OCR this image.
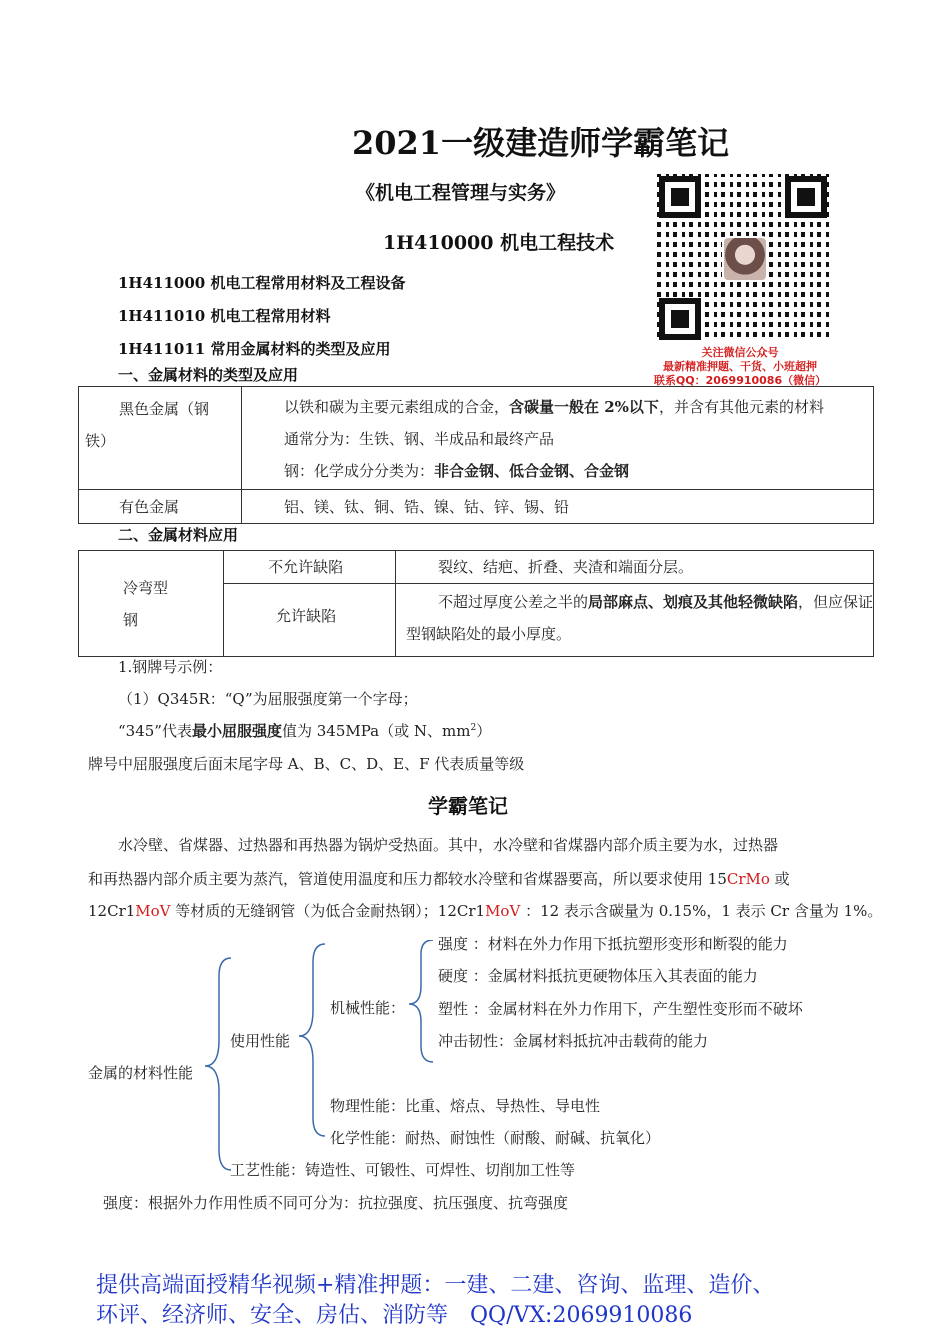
2021一级建造师学霸笔记
《机电工程管理与实务》
1H410000 机电工程技术
关注微信公众号
最新精准押题、干货、小班超押
联系QQ：2069910086（微信）
1H411000 机电工程常用材料及工程设备
1H411010 机电工程常用材料
1H411011 常用金属材料的类型及应用
一、金属材料的类型及应用
黑色金属（钢
铁）	以铁和碳为主要元素组成的合金，含碳量一般在 2%以下，并含有其他元素的材料
通常分为：生铁、钢、半成品和最终产品
钢：化学成分分类为：非合金钢、低合金钢、合金钢

有色金属	铝、镁、钛、铜、锆、镍、钴、锌、锡、铅
二、金属材料应用
冷弯型
钢	不允许缺陷	裂纹、结疤、折叠、夹渣和端面分层。

	允许缺陷	不超过厚度公差之半的局部麻点、划痕及其他轻微缺陷，但应保证
型钢缺陷处的最小厚度。
1.钢牌号示例：
（1）Q345R：“Q”为屈服强度第一个字母；
“345”代表最小屈服强度值为 345MPa（或 N、$mm^2$）
牌号中屈服强度后面末尾字母 A、B、C、D、E、F 代表质量等级
学霸笔记
水冷壁、省煤器、过热器和再热器为锅炉受热面。其中，水冷壁和省煤器内部介质主要为水，过热器
和再热器内部介质主要为蒸汽，管道使用温度和压力都较水冷壁和省煤器要高，所以要求使用 15CrMo 或
12Cr1MoV 等材质的无缝钢管（为低合金耐热钢）；12Cr1MoV ：12 表示含碳量为 0.15%，1 表示 Cr 含量为 1%。
金属的材料性能
使用性能
机械性能：
强度 ：材料在外力作用下抵抗塑形变形和断裂的能力
硬度 ：金属材料抵抗更硬物体压入其表面的能力
塑性 ：金属材料在外力作用下，产生塑性变形而不破坏
冲击韧性：金属材料抵抗冲击载荷的能力
物理性能：比重、熔点、导热性、导电性
化学性能：耐热、耐蚀性（耐酸、耐碱、抗氧化）
工艺性能：铸造性、可锻性、可焊性、切削加工性等
强度：根据外力作用性质不同可分为：抗拉强度、抗压强度、抗弯强度
提供高端面授精华视频+精准押题：一建、二建、咨询、监理、造价、
环评、经济师、安全、房估、消防等　QQ/VX:2069910086
